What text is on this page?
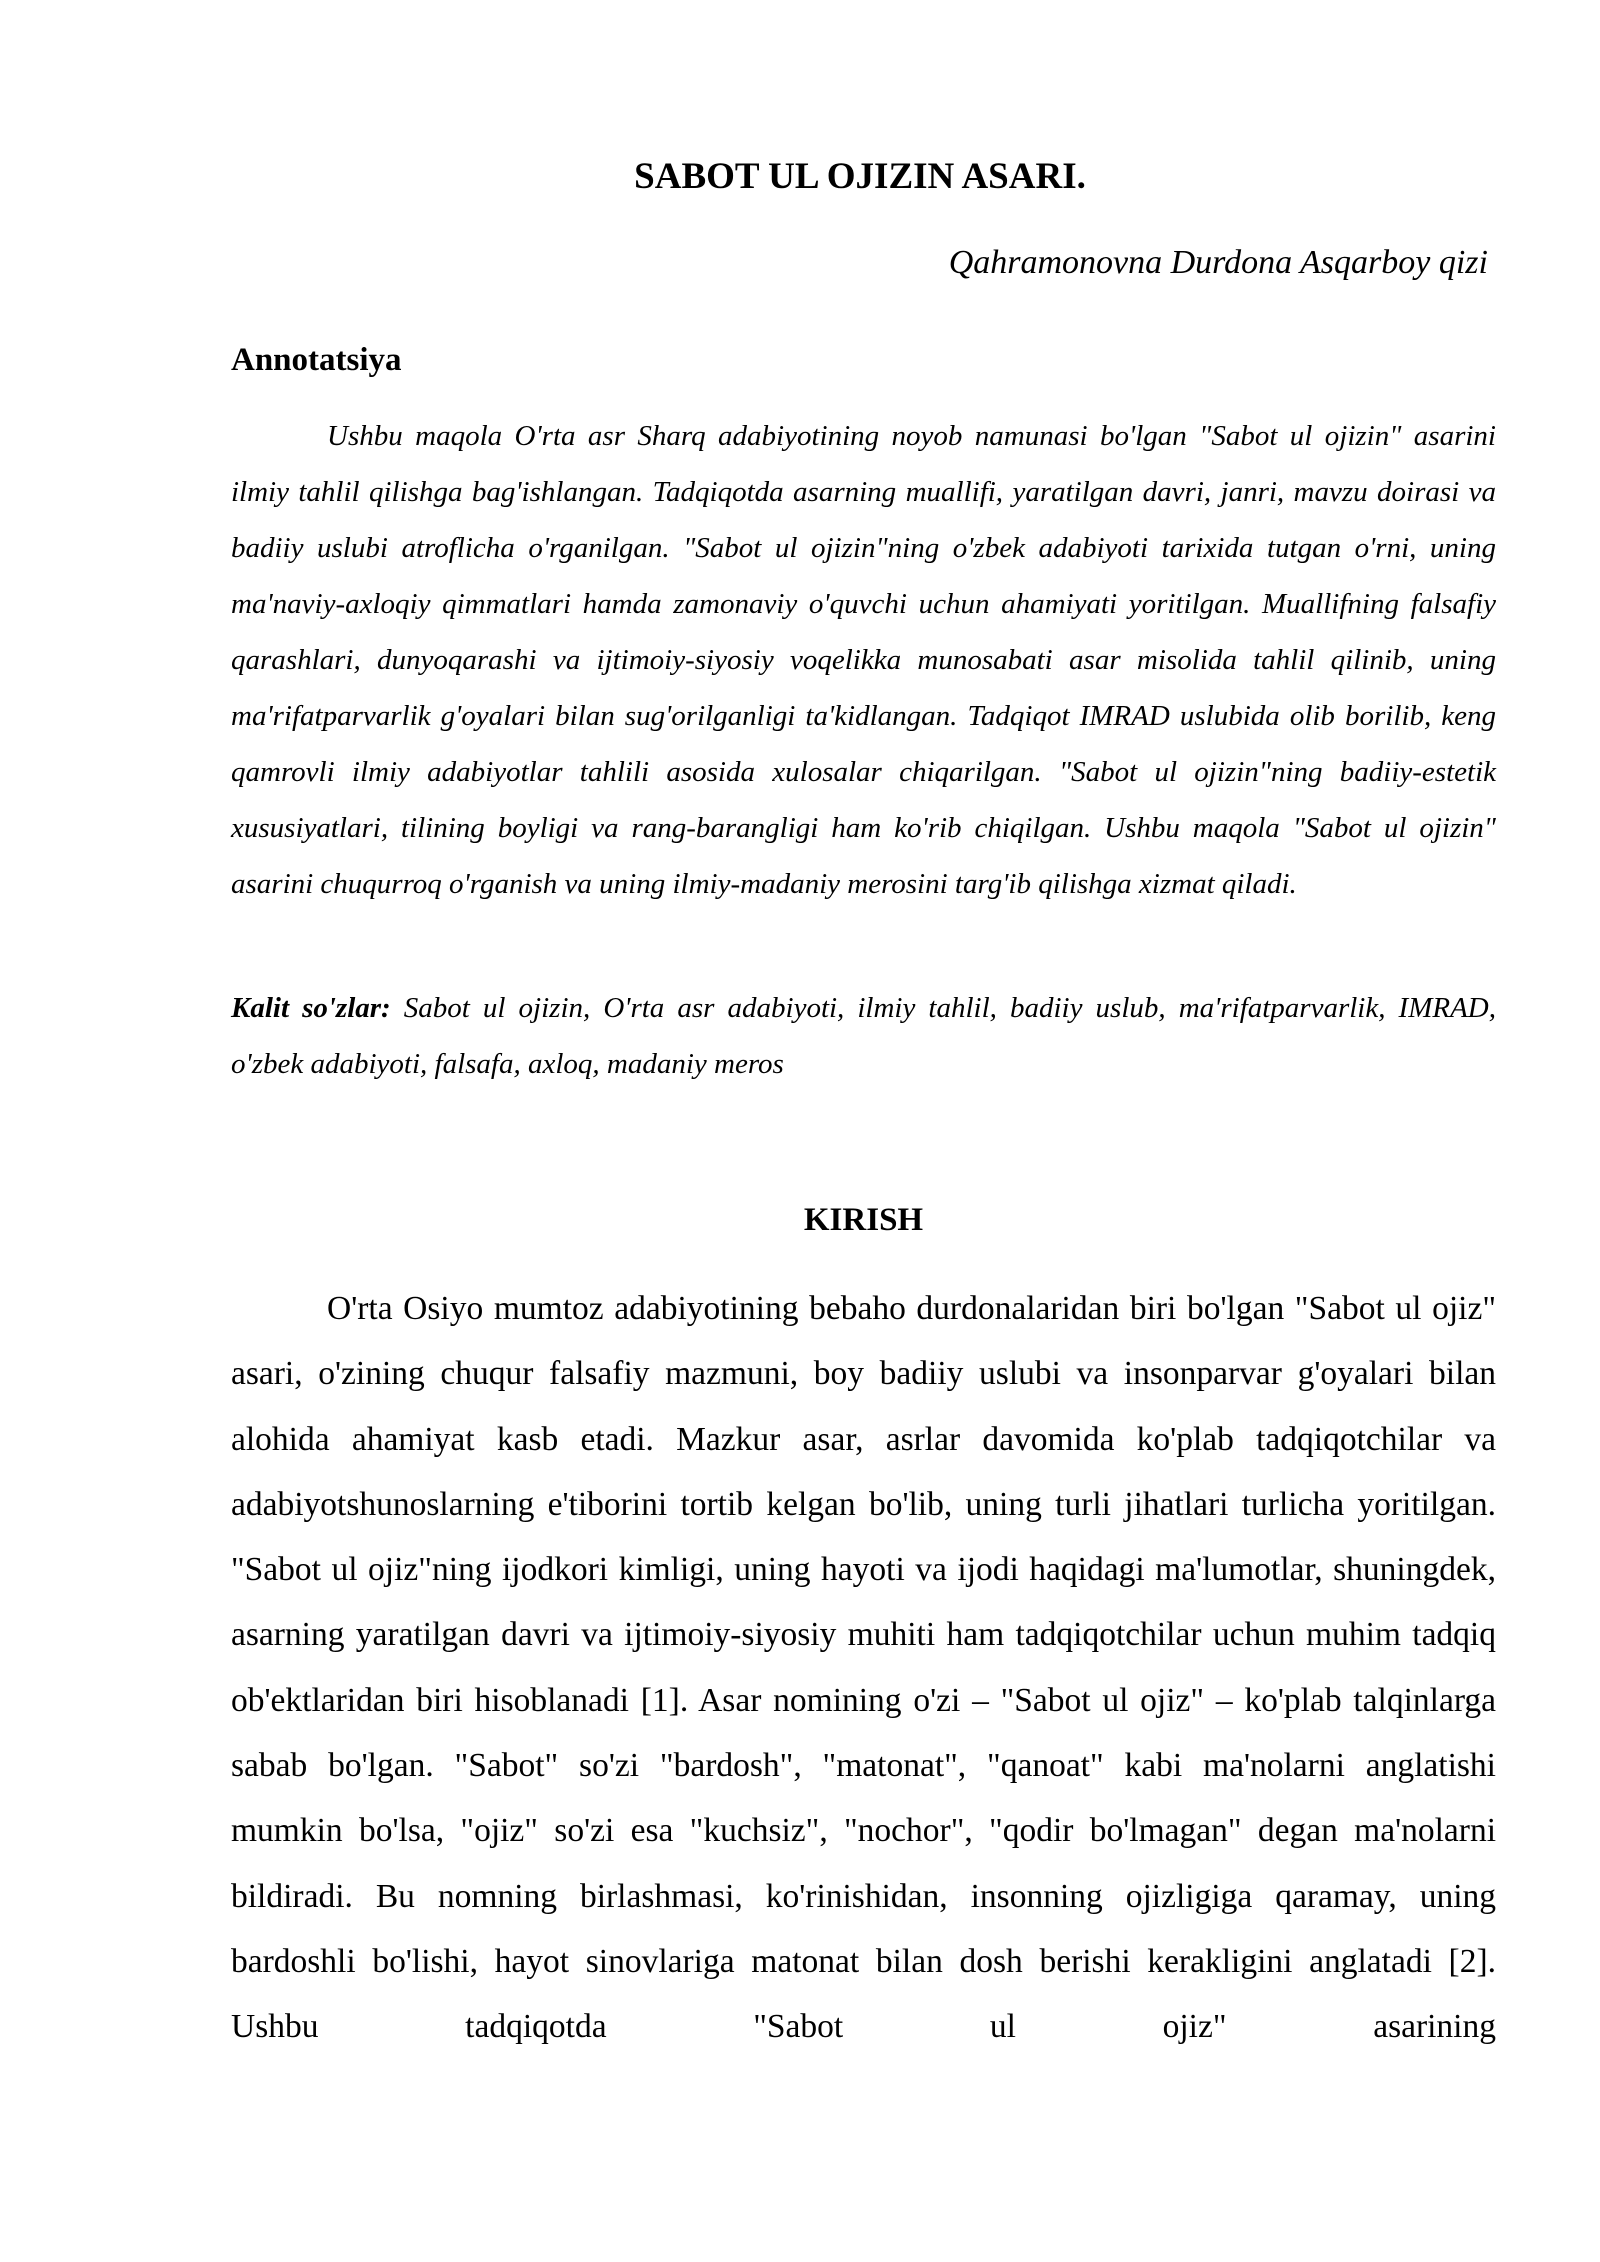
SABOT UL OJIZIN ASARI.

Qahramonovna Durdona Asqarboy qizi

Annotatsiya

Ushbu maqola O'rta asr Sharq adabiyotining noyob namunasi bo'lgan "Sabot ul ojizin" asarini ilmiy tahlil qilishga bag'ishlangan. Tadqiqotda asarning muallifi, yaratilgan davri, janri, mavzu doirasi va badiiy uslubi atroflicha o'rganilgan. "Sabot ul ojizin"ning o'zbek adabiyoti tarixida tutgan o'rni, uning ma'naviy-axloqiy qimmatlari hamda zamonaviy o'quvchi uchun ahamiyati yoritilgan. Muallifning falsafiy qarashlari, dunyoqarashi va ijtimoiy-siyosiy voqelikka munosabati asar misolida tahlil qilinib, uning ma'rifatparvarlik g'oyalari bilan sug'orilganligi ta'kidlangan. Tadqiqot IMRAD uslubida olib borilib, keng qamrovli ilmiy adabiyotlar tahlili asosida xulosalar chiqarilgan. "Sabot ul ojizin"ning badiiy-estetik xususiyatlari, tilining boyligi va rang-barangligi ham ko'rib chiqilgan. Ushbu maqola "Sabot ul ojizin" asarini chuqurroq o'rganish va uning ilmiy-madaniy merosini targ'ib qilishga xizmat qiladi.

Kalit so'zlar: Sabot ul ojizin, O'rta asr adabiyoti, ilmiy tahlil, badiiy uslub, ma'rifatparvarlik, IMRAD, o'zbek adabiyoti, falsafa, axloq, madaniy meros

KIRISH

O'rta Osiyo mumtoz adabiyotining bebaho durdonalaridan biri bo'lgan "Sabot ul ojiz" asari, o'zining chuqur falsafiy mazmuni, boy badiiy uslubi va insonparvar g'oyalari bilan alohida ahamiyat kasb etadi. Mazkur asar, asrlar davomida ko'plab tadqiqotchilar va adabiyotshunoslarning e'tiborini tortib kelgan bo'lib, uning turli jihatlari turlicha yoritilgan. "Sabot ul ojiz"ning ijodkori kimligi, uning hayoti va ijodi haqidagi ma'lumotlar, shuningdek, asarning yaratilgan davri va ijtimoiy-siyosiy muhiti ham tadqiqotchilar uchun muhim tadqiq ob'ektlaridan biri hisoblanadi [1]. Asar nomining o'zi – "Sabot ul ojiz" – ko'plab talqinlarga sabab bo'lgan. "Sabot" so'zi "bardosh", "matonat", "qanoat" kabi ma'nolarni anglatishi mumkin bo'lsa, "ojiz" so'zi esa "kuchsiz", "nochor", "qodir bo'lmagan" degan ma'nolarni bildiradi. Bu nomning birlashmasi, ko'rinishidan, insonning ojizligiga qaramay, uning bardoshli bo'lishi, hayot sinovlariga matonat bilan dosh berishi kerakligini anglatadi [2]. Ushbu tadqiqotda "Sabot ul ojiz" asarining
